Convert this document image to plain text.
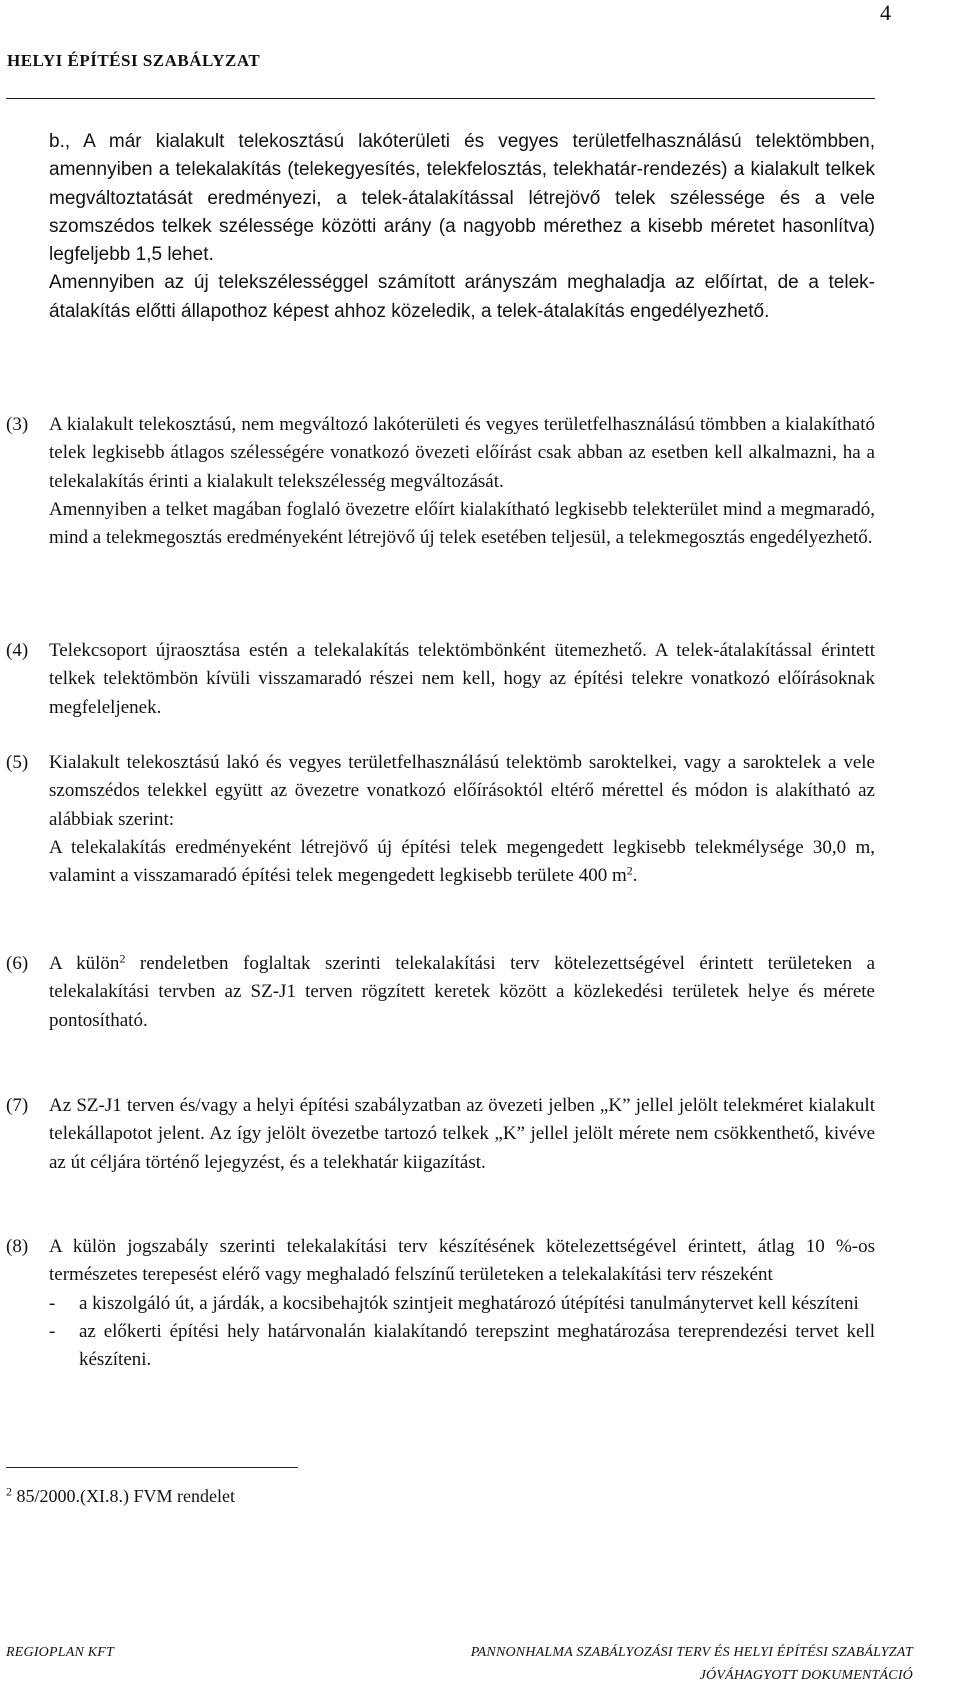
4
HELYI ÉPÍTÉSI SZABÁLYZAT

b., A már kialakult telekosztású lakóterületi és vegyes területfelhasználású telektömbben, amennyiben a telekalakítás (telekegyesítés, telekfelosztás, telekhatár-rendezés) a kialakult telkek megváltoztatását eredményezi, a telek-átalakítással létrejövő telek szélessége és a vele szomszédos telkek szélessége közötti arány (a nagyobb mérethez a kisebb méretet hasonlítva) legfeljebb 1,5 lehet.

Amennyiben az új telekszélességgel számított arányszám meghaladja az előírtat, de a telek-átalakítás előtti állapothoz képest ahhoz közeledik, a telek-átalakítás engedélyezhető.

(3) A kialakult telekosztású, nem megváltozó lakóterületi és vegyes területfelhasználású tömbben a kialakítható telek legkisebb átlagos szélességére vonatkozó övezeti előírást csak abban az esetben kell alkalmazni, ha a telekalakítás érinti a kialakult telekszélesség megváltozását.

Amennyiben a telket magában foglaló övezetre előírt kialakítható legkisebb telekterület mind a megmaradó, mind a telekmegosztás eredményeként létrejövő új telek esetében teljesül, a telekmegosztás engedélyezhető.

(4) Telekcsoport újraosztása estén a telekalakítás telektömbönként ütemezhető. A telek-átalakítással érintett telkek telektömbön kívüli visszamaradó részei nem kell, hogy az építési telekre vonatkozó előírásoknak megfeleljenek.

(5) Kialakult telekosztású lakó és vegyes területfelhasználású telektömb saroktelkei, vagy a saroktelek a vele szomszédos telekkel együtt az övezetre vonatkozó előírásoktól eltérő mérettel és módon is alakítható az alábbiak szerint:

A telekalakítás eredményeként létrejövő új építési telek megengedett legkisebb telekmélysége 30,0 m, valamint a visszamaradó építési telek megengedett legkisebb területe 400 $m^2$.

(6) A külön$^2$ rendeletben foglaltak szerinti telekalakítási terv kötelezettségével érintett területeken a telekalakítási tervben az SZ-J1 terven rögzített keretek között a közlekedési területek helye és mérete pontosítható.

(7) Az SZ-J1 terven és/vagy a helyi építési szabályzatban az övezeti jelben „K” jellel jelölt telekméret kialakult telekállapotot jelent. Az így jelölt övezetbe tartozó telkek „K” jellel jelölt mérete nem csökkenthető, kivéve az út céljára történő lejegyzést, és a telekhatár kiigazítást.

(8) A külön jogszabály szerinti telekalakítási terv készítésének kötelezettségével érintett, átlag 10 %-os természetes terepesést elérő vagy meghaladó felszínű területeken a telekalakítási terv részeként

- a kiszolgáló út, a járdák, a kocsibehajtók szintjeit meghatározó útépítési tanulmánytervet kell készíteni
- az előkerti építési hely határvonalán kialakítandó terepszint meghatározása tereprendezési tervet kell készíteni.
$^2$ 85/2000.(XI.8.) FVM rendelet
REGIOPLAN KFT	PANNONHALMA SZABÁLYOZÁSI TERV ÉS HELYI ÉPÍTÉSI SZABÁLYZAT
JÓVÁHAGYOTT DOKUMENTÁCIÓ
